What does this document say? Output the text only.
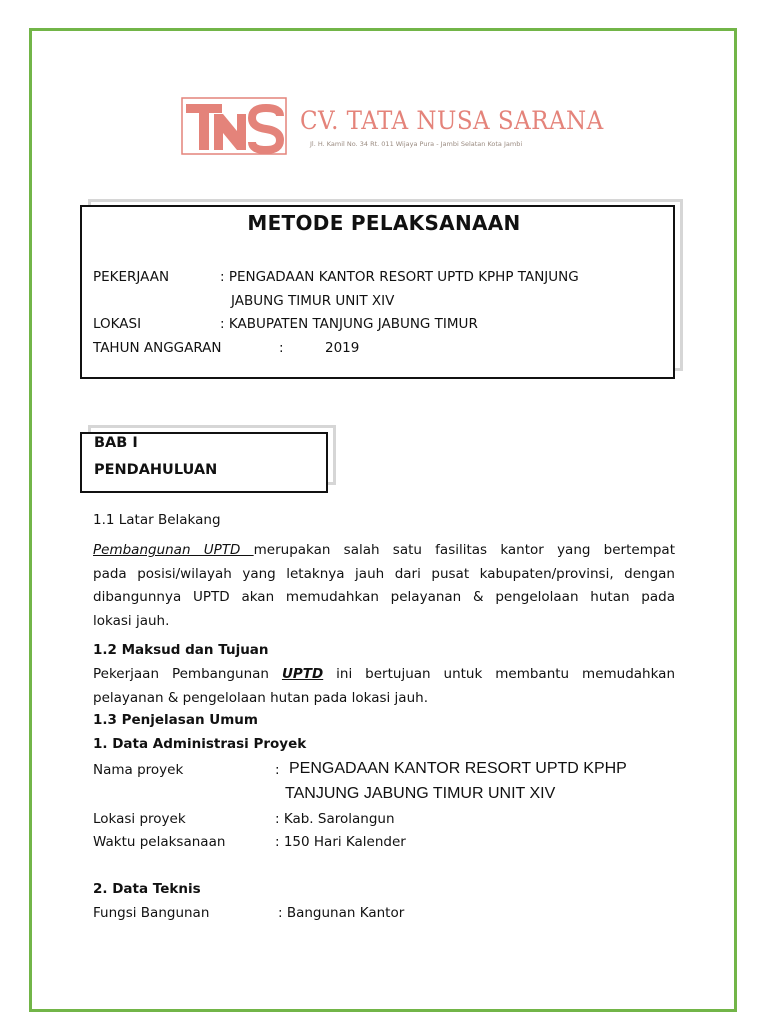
CV. TATA NUSA SARANA
Jl. H. Kamil No. 34 Rt. 011 Wijaya Pura - Jambi Selatan Kota Jambi
METODE PELAKSANAAN
PEKERJAAN	: PENGADAAN KANTOR RESORT UPTD KPHP TANJUNG
JABUNG TIMUR UNIT XIV
LOKASI	: KABUPATEN TANJUNG JABUNG TIMUR
TAHUN ANGGARAN	:	2019
BAB I
PENDAHULUAN
1.1 Latar Belakang
Pembangunan UPTD merupakan salah satu fasilitas kantor yang bertempat
pada posisi/wilayah yang letaknya jauh dari pusat kabupaten/provinsi, dengan
dibangunnya UPTD akan memudahkan pelayanan & pengelolaan hutan pada
lokasi jauh.
1.2 Maksud dan Tujuan
Pekerjaan Pembangunan UPTD ini bertujuan untuk membantu memudahkan
pelayanan & pengelolaan hutan pada lokasi jauh.
1.3 Penjelasan Umum
1. Data Administrasi Proyek
Nama proyek	: PENGADAAN KANTOR RESORT UPTD KPHP
TANJUNG JABUNG TIMUR UNIT XIV
Lokasi proyek	: Kab. Sarolangun
Waktu pelaksanaan	: 150 Hari Kalender
2. Data Teknis
Fungsi Bangunan	: Bangunan Kantor
